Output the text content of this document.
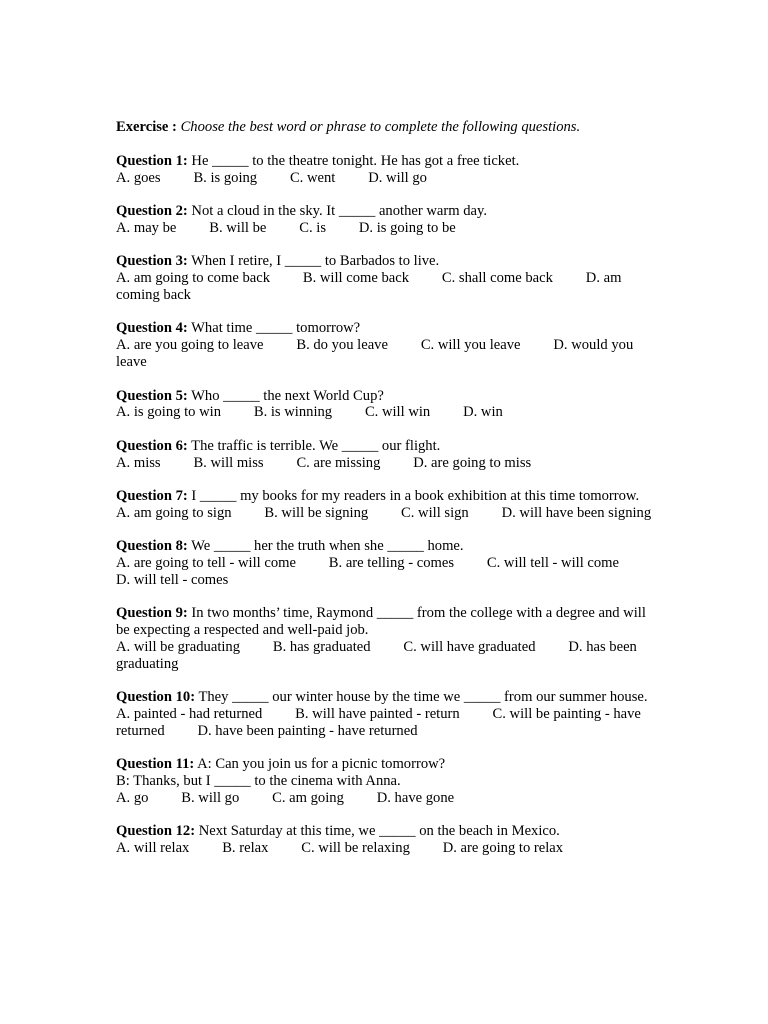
Exercise : Choose the best word or phrase to complete the following questions.
Question 1: He _____ to the theatre tonight. He has got a free ticket.
A. goes B. is going C. went D. will go
Question 2: Not a cloud in the sky. It _____ another warm day.
A. may be B. will be C. is D. is going to be
Question 3: When I retire, I _____ to Barbados to live.
A. am going to come back B. will come back C. shall come back D. am coming back
Question 4: What time _____ tomorrow?
A. are you going to leave B. do you leave C. will you leave D. would you leave
Question 5: Who _____ the next World Cup?
A. is going to win B. is winning C. will win D. win
Question 6: The traffic is terrible. We _____ our flight.
A. miss B. will miss C. are missing D. are going to miss
Question 7: I _____ my books for my readers in a book exhibition at this time tomorrow.
A. am going to sign B. will be signing C. will sign D. will have been signing
Question 8: We _____ her the truth when she _____ home.
A. are going to tell - will come B. are telling - comes C. will tell - will come         D. will tell - comes
Question 9: In two months’ time, Raymond _____ from the college with a degree and will be expecting a respected and well-paid job.
A. will be graduating B. has graduated C. will have graduated D. has been graduating
Question 10: They _____ our winter house by the time we _____ from our summer house.
A. painted - had returned B. will have painted - return C. will be painting - have returned D. have been painting - have returned
Question 11: A: Can you join us for a picnic tomorrow?
B: Thanks, but I _____ to the cinema with Anna.
A. go B. will go C. am going D. have gone
Question 12: Next Saturday at this time, we _____ on the beach in Mexico.
A. will relax B. relax C. will be relaxing D. are going to relax
